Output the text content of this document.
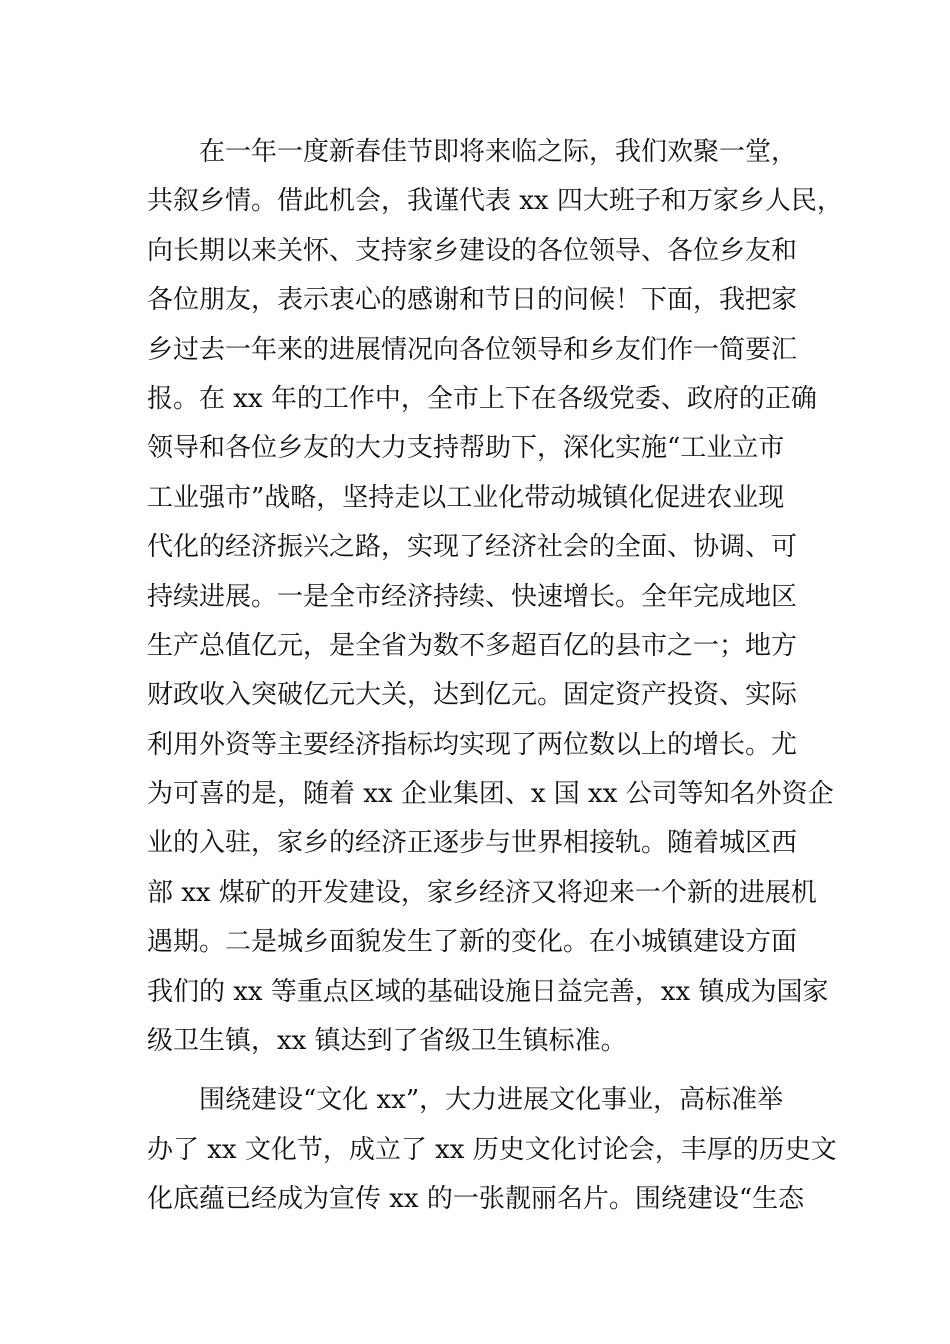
　　在一年一度新春佳节即将来临之际，我们欢聚一堂，
共叙乡情。借此机会，我谨代表 xx 四大班子和万家乡人民，
向长期以来关怀、支持家乡建设的各位领导、各位乡友和
各位朋友，表示衷心的感谢和节日的问候！下面，我把家
乡过去一年来的进展情况向各位领导和乡友们作一简要汇
报。在 xx 年的工作中，全市上下在各级党委、政府的正确
领导和各位乡友的大力支持帮助下，深化实施“工业立市
工业强市”战略，坚持走以工业化带动城镇化促进农业现
代化的经济振兴之路，实现了经济社会的全面、协调、可
持续进展。一是全市经济持续、快速增长。全年完成地区
生产总值亿元，是全省为数不多超百亿的县市之一；地方
财政收入突破亿元大关，达到亿元。固定资产投资、实际
利用外资等主要经济指标均实现了两位数以上的增长。尤
为可喜的是，随着 xx 企业集团、x 国 xx 公司等知名外资企
业的入驻，家乡的经济正逐步与世界相接轨。随着城区西
部 xx 煤矿的开发建设，家乡经济又将迎来一个新的进展机
遇期。二是城乡面貌发生了新的变化。在小城镇建设方面
我们的 xx 等重点区域的基础设施日益完善，xx 镇成为国家
级卫生镇，xx 镇达到了省级卫生镇标准。
　　围绕建设“文化 xx”，大力进展文化事业，高标准举
办了 xx 文化节，成立了 xx 历史文化讨论会，丰厚的历史文
化底蕴已经成为宣传 xx 的一张靓丽名片。围绕建设“生态
